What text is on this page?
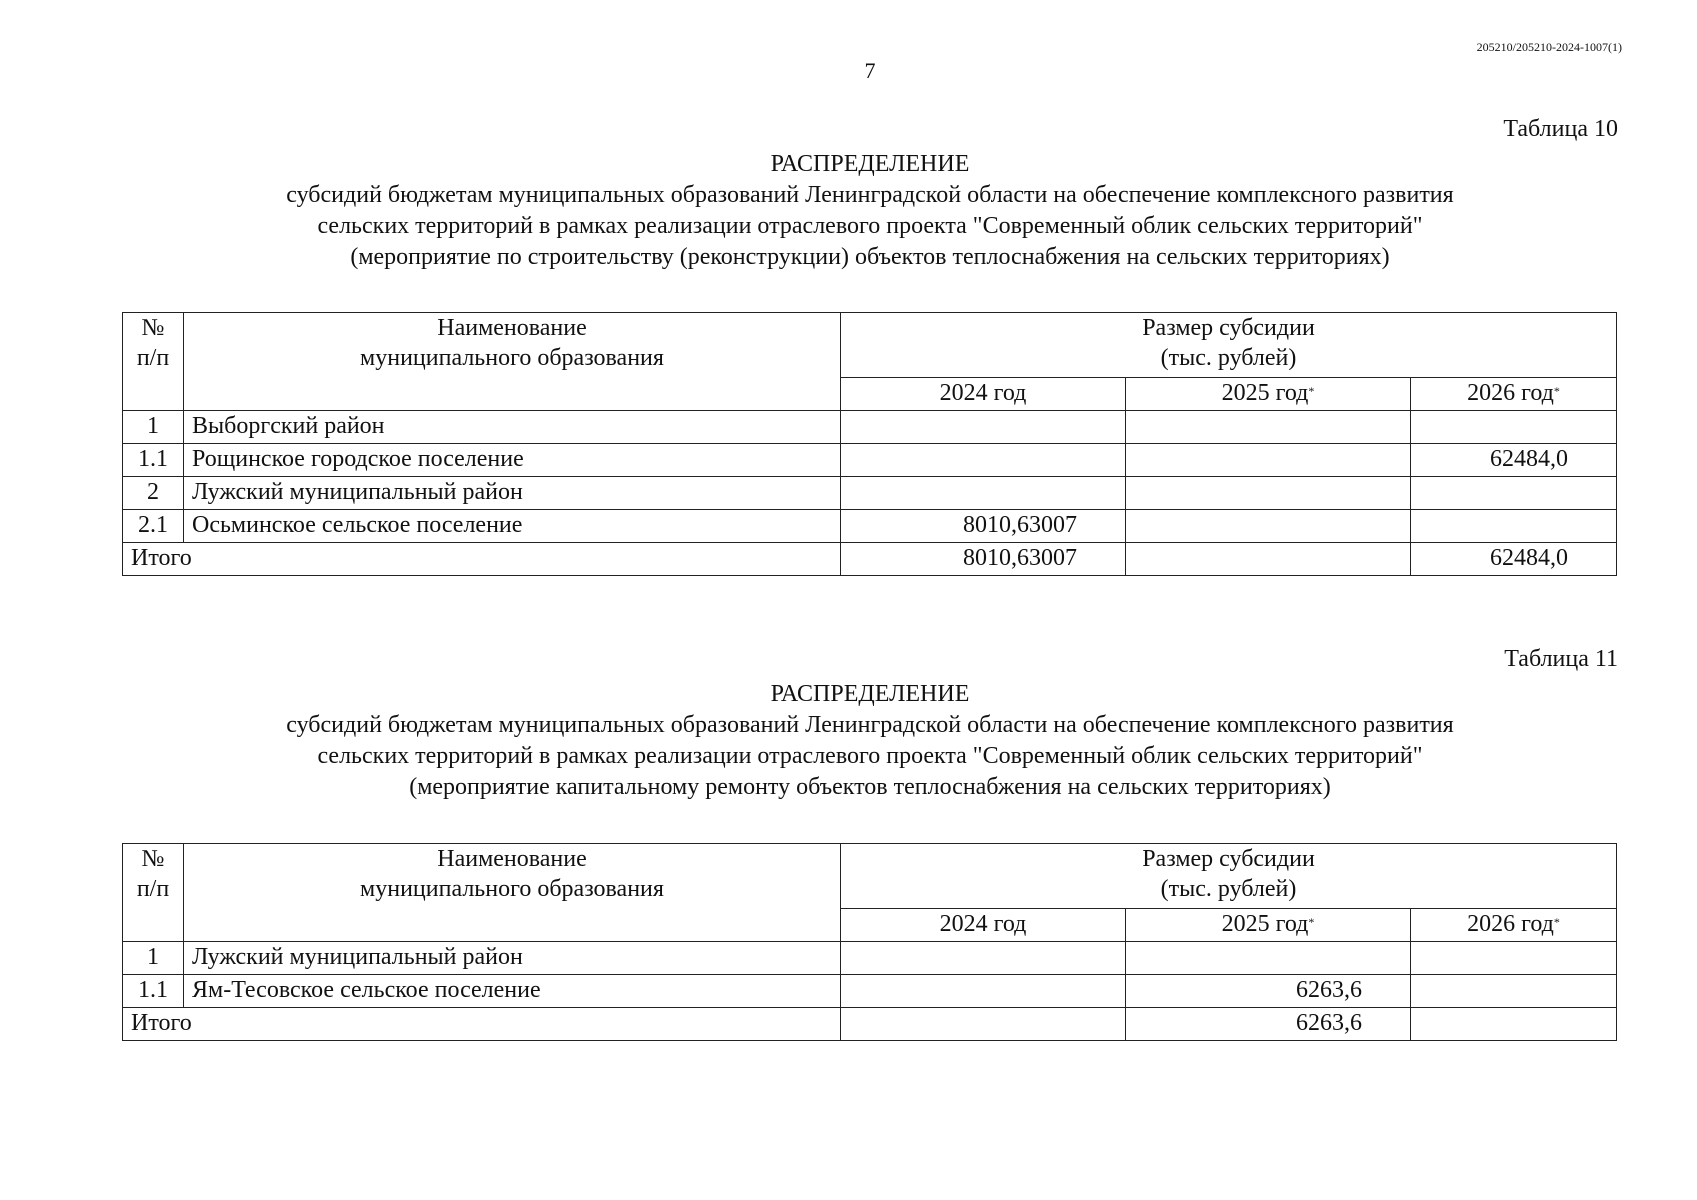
205210/205210-2024-1007(1)
7
Таблица 10
РАСПРЕДЕЛЕНИЕ
субсидий бюджетам муниципальных образований Ленинградской области на обеспечение комплексного развития
сельских территорий в рамках реализации отраслевого проекта "Современный облик сельских территорий"
(мероприятие по строительству (реконструкции) объектов теплоснабжения на сельских территориях)
№
п/п	Наименование
муниципального образования	Размер субсидии
(тыс. рублей)		

		2024 год	2025 год*	2026 год*
1	Выборгский район			
1.1	Рощинское городское поселение			62484,0
2	Лужский муниципальный район			
2.1	Осьминское сельское поселение	8010,63007		
Итого		8010,63007		62484,0
Таблица 11
РАСПРЕДЕЛЕНИЕ
субсидий бюджетам муниципальных образований Ленинградской области на обеспечение комплексного развития
сельских территорий в рамках реализации отраслевого проекта "Современный облик сельских территорий"
(мероприятие капитальному ремонту объектов теплоснабжения на сельских территориях)
№
п/п	Наименование
муниципального образования	Размер субсидии
(тыс. рублей)		

		2024 год	2025 год*	2026 год*
1	Лужский муниципальный район			
1.1	Ям-Тесовское сельское поселение		6263,6	
Итого			6263,6	
